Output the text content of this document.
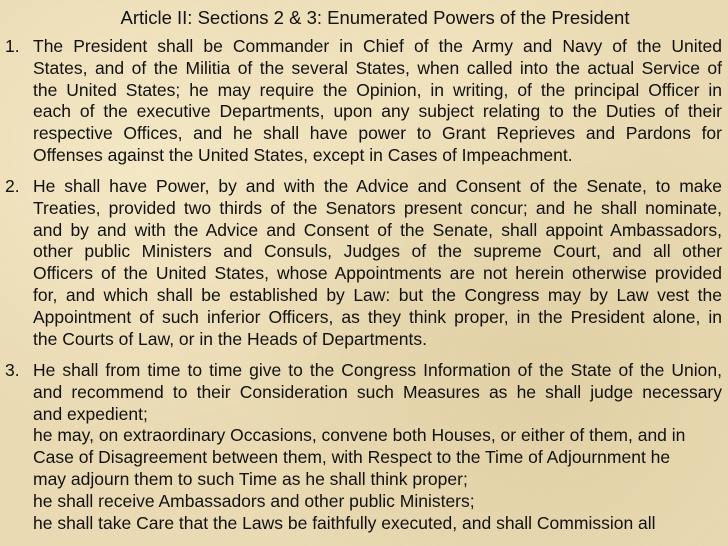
Article II: Sections 2 & 3: Enumerated Powers of the President
1. The President shall be Commander in Chief of the Army and Navy of the United
States, and of the Militia of the several States, when called into the actual Service of
the United States; he may require the Opinion, in writing, of the principal Officer in
each of the executive Departments, upon any subject relating to the Duties of their
respective Offices, and he shall have power to Grant Reprieves and Pardons for
Offenses against the United States, except in Cases of Impeachment.
2. He shall have Power, by and with the Advice and Consent of the Senate, to make
Treaties, provided two thirds of the Senators present concur; and he shall nominate,
and by and with the Advice and Consent of the Senate, shall appoint Ambassadors,
other public Ministers and Consuls, Judges of the supreme Court, and all other
Officers of the United States, whose Appointments are not herein otherwise provided
for, and which shall be established by Law: but the Congress may by Law vest the
Appointment of such inferior Officers, as they think proper, in the President alone, in
the Courts of Law, or in the Heads of Departments.
3. He shall from time to time give to the Congress Information of the State of the Union,
and recommend to their Consideration such Measures as he shall judge necessary
and expedient;
he may, on extraordinary Occasions, convene both Houses, or either of them, and in
Case of Disagreement between them, with Respect to the Time of Adjournment he
may adjourn them to such Time as he shall think proper;
he shall receive Ambassadors and other public Ministers;
he shall take Care that the Laws be faithfully executed, and shall Commission all
